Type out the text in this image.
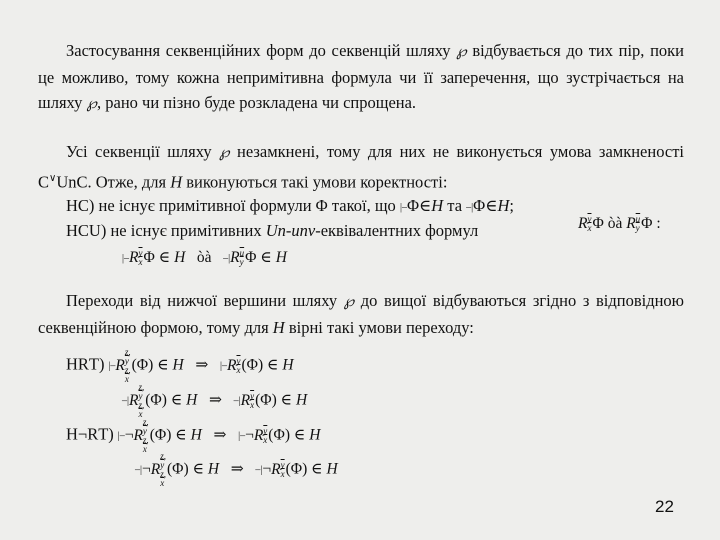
Застосування секвенційних форм до секвенцій шляху ℘ відбувається до тих пір, поки це можливо, тому кожна непримітивна формула чи її заперечення, що зустрічається на шляху ℘, рано чи пізно буде розкладена чи спрощена.
Усі секвенції шляху ℘ незамкнені, тому для них не виконується умова замкненості C∨UnC. Отже, для H виконуються такі умови коректності:
НС) не існує примітивної формули Φ такої, що |–Φ∈H та –|Φ∈H;
НСU) не існує примітивних Un-unv-еквівалентних формул	R $\frac{\overline{y}}{x}$ Φ òà R $\frac{\overline{u}}{y}$ Φ :
$|-R \frac{\overline{y}}{x}$ Φ ∈ H òà $-|R \frac{\overline{u}}{y}$ Φ ∈ H
Переходи від нижчої вершини шляху ℘ до вищої відбуваються згідно з відповідною секвенційною формою, тому для H вірні такі умови переходу:
НRТ) |–R
z,
$\overline{y}$
z,
$\overline{x}$
(Φ) ∈ H ⇒ $|-R \frac{\overline{y}}{x} (\Phi)$ ∈ H
–|R
z,
$\overline{y}$
z,
$\overline{x}$
(Φ) ∈ H ⇒ $-|R \frac{\overline{y}}{x} (\Phi)$ ∈ H
Н¬RТ) |–¬R
z,
$\overline{y}$
z,
$\overline{x}$
(Φ) ∈ H ⇒ |–¬R $\frac{\overline{y}}{x} (\Phi)$ ∈ H
–|¬R
z,
$\overline{y}$
z,
$\overline{x}$
(Φ) ∈ H ⇒ –|¬R $\frac{\overline{y}}{x} (\Phi)$ ∈ H
22
